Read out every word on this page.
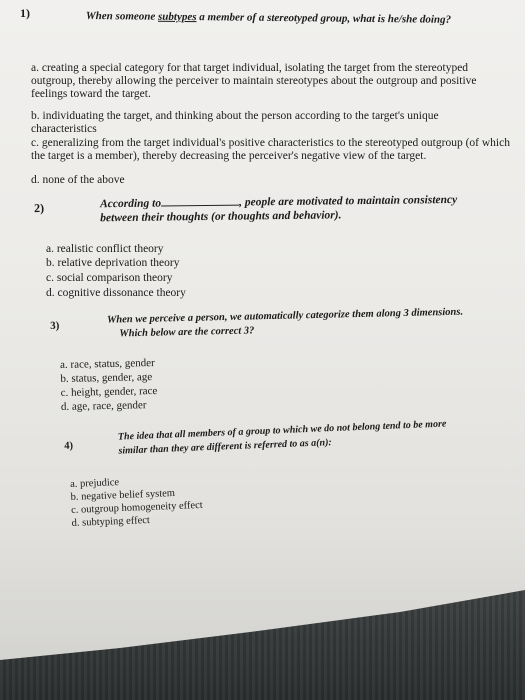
1)	When someone subtypes a member of a stereotyped group, what is he/she doing?
a. creating a special category for that target individual, isolating the target from the stereotyped outgroup, thereby allowing the perceiver to maintain stereotypes about the outgroup and positive feelings toward the target.
b. individuating the target, and thinking about the person according to the target's unique characteristics
c. generalizing from the target individual's positive characteristics to the stereotyped outgroup (of which the target is a member), thereby decreasing the perceiver's negative view of the target.
d. none of the above
2)	According to	, people are motivated to maintain consistency
between their thoughts (or thoughts and behavior).
a. realistic conflict theory
b. relative deprivation theory
c. social comparison theory
d. cognitive dissonance theory
3)
When we perceive a person, we automatically categorize them along 3 dimensions.
Which below are the correct 3?
a. race, status, gender
b. status, gender, age
c. height, gender, race
d. age, race, gender
4)
The idea that all members of a group to which we do not belong tend to be more
similar than they are different is referred to as a(n):
a. prejudice
b. negative belief system
c. outgroup homogeneity effect
d. subtyping effect
